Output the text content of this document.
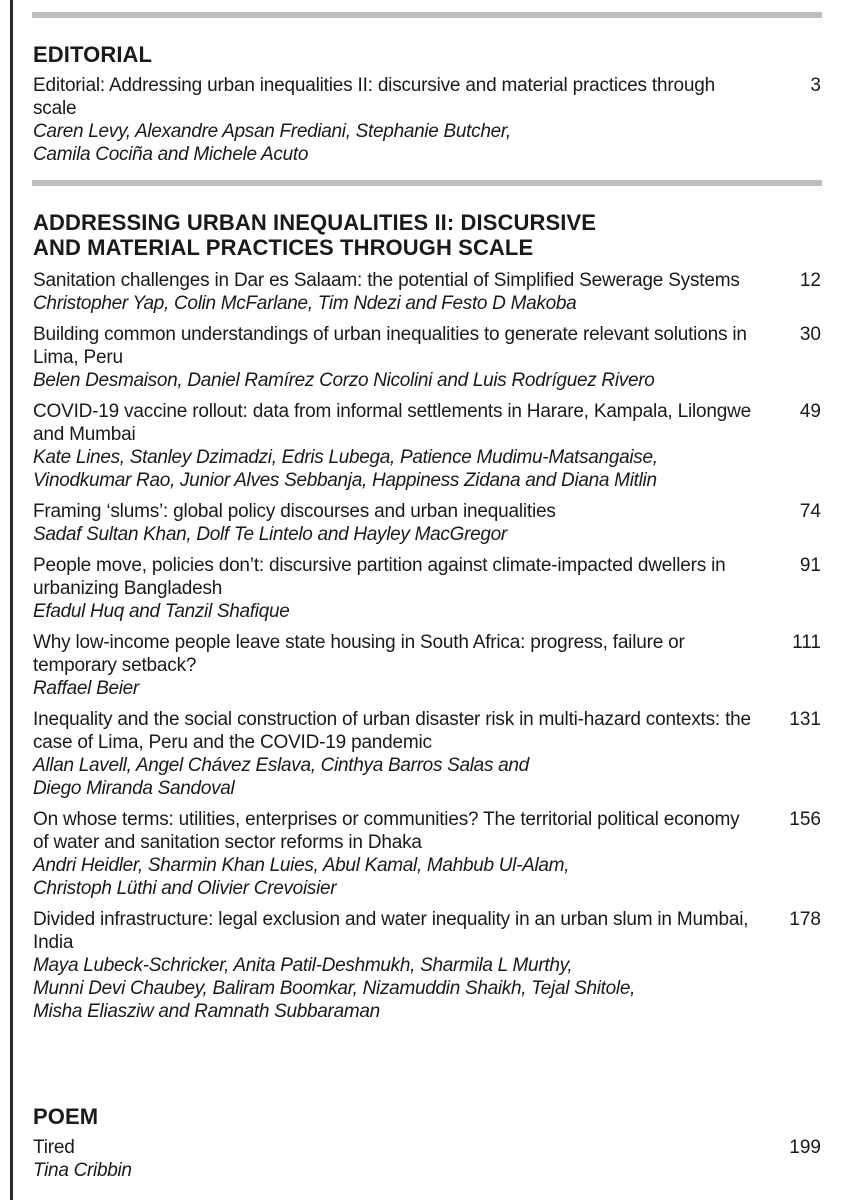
EDITORIAL
Editorial: Addressing urban inequalities II: discursive and material practices through scale
Caren Levy, Alexandre Apsan Frediani, Stephanie Butcher,
Camila Cociña and Michele Acuto
3
ADDRESSING URBAN INEQUALITIES II: DISCURSIVE
AND MATERIAL PRACTICES THROUGH SCALE
Sanitation challenges in Dar es Salaam: the potential of Simplified Sewerage Systems
Christopher Yap, Colin McFarlane, Tim Ndezi and Festo D Makoba
12
Building common understandings of urban inequalities to generate relevant solutions in Lima, Peru
Belen Desmaison, Daniel Ramírez Corzo Nicolini and Luis Rodríguez Rivero
30
COVID-19 vaccine rollout: data from informal settlements in Harare, Kampala, Lilongwe and Mumbai
Kate Lines, Stanley Dzimadzi, Edris Lubega, Patience Mudimu-Matsangaise,
Vinodkumar Rao, Junior Alves Sebbanja, Happiness Zidana and Diana Mitlin
49
Framing ‘slums’: global policy discourses and urban inequalities
Sadaf Sultan Khan, Dolf Te Lintelo and Hayley MacGregor
74
People move, policies don’t: discursive partition against climate-impacted dwellers in urbanizing Bangladesh
Efadul Huq and Tanzil Shafique
91
Why low-income people leave state housing in South Africa: progress, failure or temporary setback?
Raffael Beier
111
Inequality and the social construction of urban disaster risk in multi-hazard contexts: the case of Lima, Peru and the COVID-19 pandemic
Allan Lavell, Angel Chávez Eslava, Cinthya Barros Salas and
Diego Miranda Sandoval
131
On whose terms: utilities, enterprises or communities? The territorial political economy of water and sanitation sector reforms in Dhaka
Andri Heidler, Sharmin Khan Luies, Abul Kamal, Mahbub Ul-Alam,
Christoph Lüthi and Olivier Crevoisier
156
Divided infrastructure: legal exclusion and water inequality in an urban slum in Mumbai, India
Maya Lubeck-Schricker, Anita Patil-Deshmukh, Sharmila L Murthy,
Munni Devi Chaubey, Baliram Boomkar, Nizamuddin Shaikh, Tejal Shitole,
Misha Eliasziw and Ramnath Subbaraman
178
POEM
Tired
Tina Cribbin
199
